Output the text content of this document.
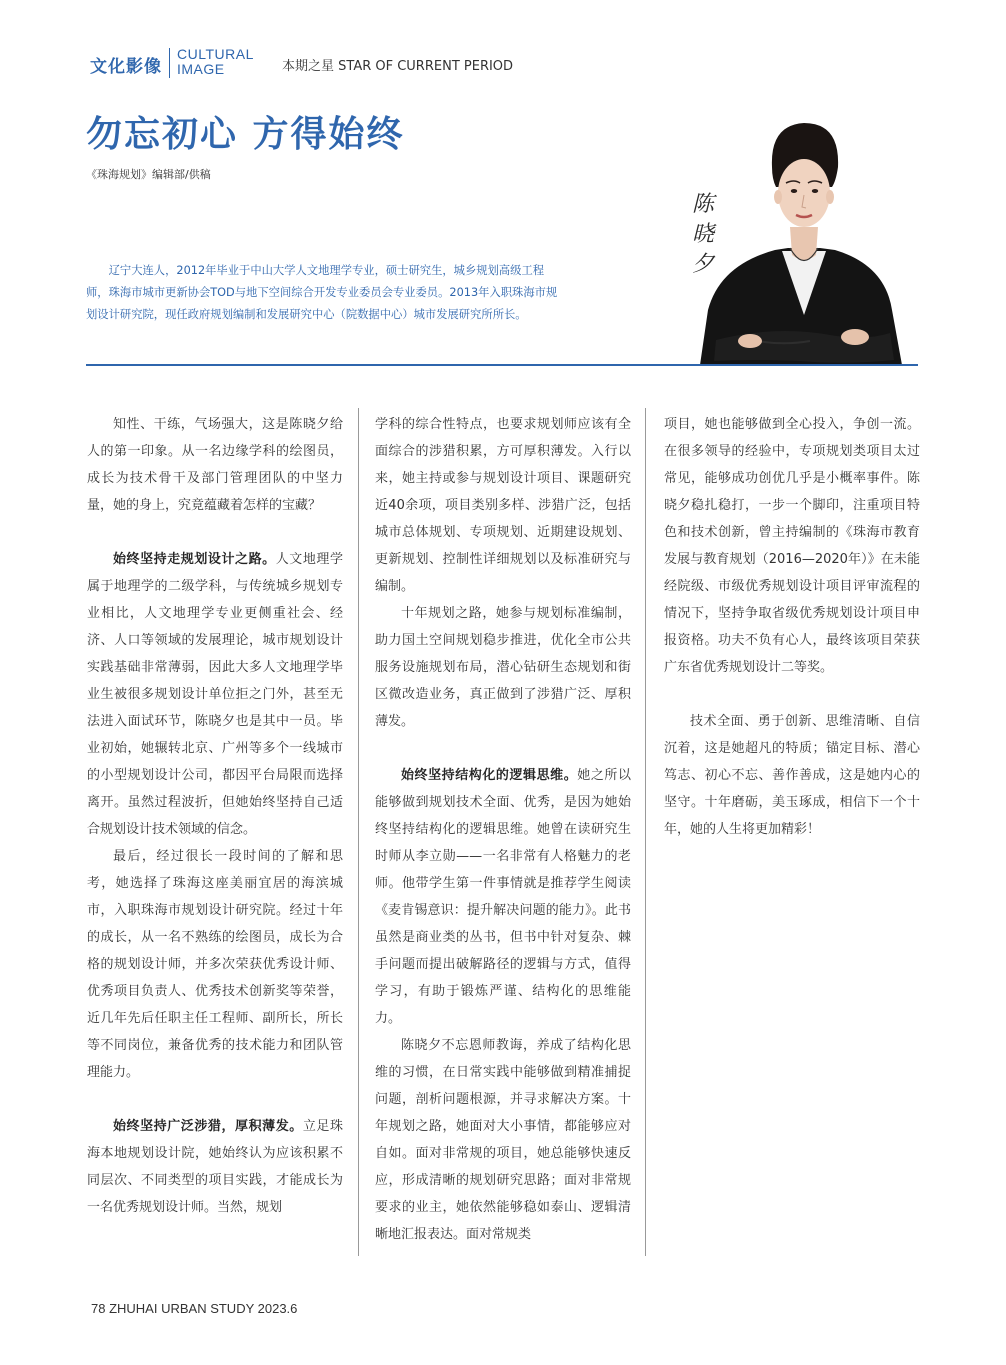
文化影像
CULTURAL
IMAGE	本期之星 STAR OF CURRENT PERIOD
勿忘初心 方得始终
《珠海规划》编辑部/供稿

辽宁大连人，2012年毕业于中山大学人文地理学专业，硕士研究生，城乡规划高级工程师，珠海市城市更新协会TOD与地下空间综合开发专业委员会专业委员。2013年入职珠海市规划设计研究院，现任政府规划编制和发展研究中心（院数据中心）城市发展研究所所长。

陈
晓
夕

知性、干练，气场强大，这是陈晓夕给人的第一印象。从一名边缘学科的绘图员，成长为技术骨干及部门管理团队的中坚力量，她的身上，究竟蕴藏着怎样的宝藏？

始终坚持走规划设计之路。人文地理学属于地理学的二级学科，与传统城乡规划专业相比，人文地理学专业更侧重社会、经济、人口等领域的发展理论，城市规划设计实践基础非常薄弱，因此大多人文地理学毕业生被很多规划设计单位拒之门外，甚至无法进入面试环节，陈晓夕也是其中一员。毕业初始，她辗转北京、广州等多个一线城市的小型规划设计公司，都因平台局限而选择离开。虽然过程波折，但她始终坚持自己适合规划设计技术领域的信念。

最后，经过很长一段时间的了解和思考，她选择了珠海这座美丽宜居的海滨城市，入职珠海市规划设计研究院。经过十年的成长，从一名不熟练的绘图员，成长为合格的规划设计师，并多次荣获优秀设计师、优秀项目负责人、优秀技术创新奖等荣誉，近几年先后任职主任工程师、副所长，所长等不同岗位，兼备优秀的技术能力和团队管理能力。

始终坚持广泛涉猎，厚积薄发。立足珠海本地规划设计院，她始终认为应该积累不同层次、不同类型的项目实践，才能成长为一名优秀规划设计师。当然，规划

学科的综合性特点，也要求规划师应该有全面综合的涉猎积累，方可厚积薄发。入行以来，她主持或参与规划设计项目、课题研究近40余项，项目类别多样、涉猎广泛，包括城市总体规划、专项规划、近期建设规划、更新规划、控制性详细规划以及标准研究与编制。

十年规划之路，她参与规划标准编制，助力国土空间规划稳步推进，优化全市公共服务设施规划布局，潜心钻研生态规划和街区微改造业务，真正做到了涉猎广泛、厚积薄发。

始终坚持结构化的逻辑思维。她之所以能够做到规划技术全面、优秀，是因为她始终坚持结构化的逻辑思维。她曾在读研究生时师从李立勋——一名非常有人格魅力的老师。他带学生第一件事情就是推荐学生阅读《麦肯锡意识：提升解决问题的能力》。此书虽然是商业类的丛书，但书中针对复杂、棘手问题而提出破解路径的逻辑与方式，值得学习，有助于锻炼严谨、结构化的思维能力。

陈晓夕不忘恩师教诲，养成了结构化思维的习惯，在日常实践中能够做到精准捕捉问题，剖析问题根源，并寻求解决方案。十年规划之路，她面对大小事情，都能够应对自如。面对非常规的项目，她总能够快速反应，形成清晰的规划研究思路；面对非常规要求的业主，她依然能够稳如泰山、逻辑清晰地汇报表达。面对常规类

项目，她也能够做到全心投入，争创一流。在很多领导的经验中，专项规划类项目太过常见，能够成功创优几乎是小概率事件。陈晓夕稳扎稳打，一步一个脚印，注重项目特色和技术创新，曾主持编制的《珠海市教育发展与教育规划（2016—2020年）》在未能经院级、市级优秀规划设计项目评审流程的情况下，坚持争取省级优秀规划设计项目申报资格。功夫不负有心人，最终该项目荣获广东省优秀规划设计二等奖。

技术全面、勇于创新、思维清晰、自信沉着，这是她超凡的特质；锚定目标、潜心笃志、初心不忘、善作善成，这是她内心的坚守。十年磨砺，美玉琢成，相信下一个十年，她的人生将更加精彩！

78 ZHUHAI URBAN STUDY 2023.6
